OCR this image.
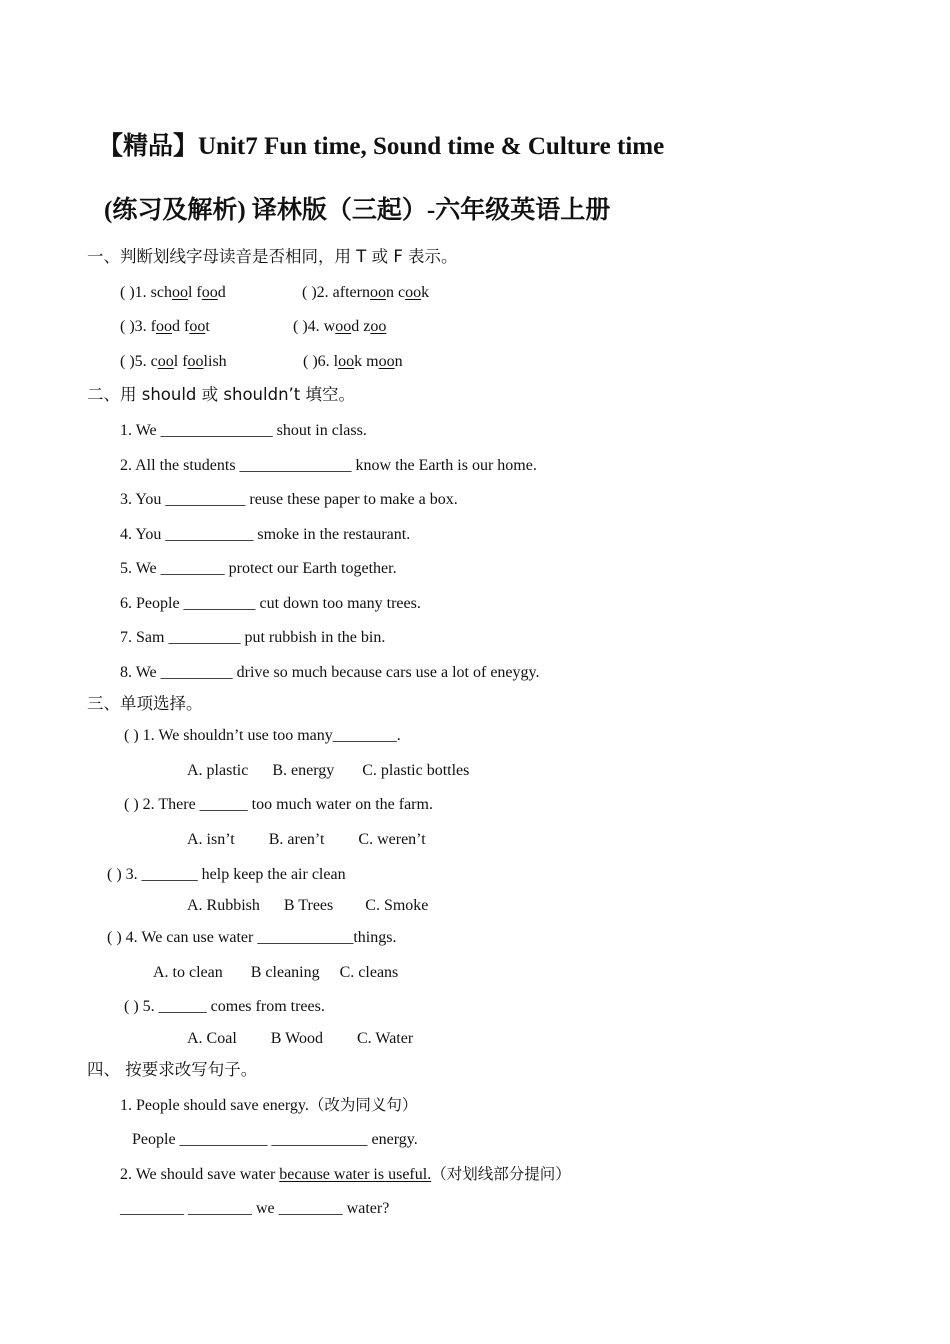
【精品】Unit7 Fun time, Sound time & Culture time
(练习及解析) 译林版（三起）-六年级英语上册
一、判断划线字母读音是否相同，用 T 或 F 表示。
( )1. school food	( )2. afternoon cook
( )3. food foot	( )4. wood zoo
( )5. cool foolish	( )6. look moon
二、用 should 或 shouldn’t 填空。
1. We ______________ shout in class.
2. All the students ______________ know the Earth is our home.
3. You __________ reuse these paper to make a box.
4. You ___________ smoke in the restaurant.
5. We ________ protect our Earth together.
6. People _________ cut down too many trees.
7. Sam _________ put rubbish in the bin.
8. We _________ drive so much because cars use a lot of eneygy.
三、单项选择。
( ) 1. We shouldn’t use too many________.
A. plastic B. energy C. plastic bottles
( ) 2. There ______ too much water on the farm.
A. isn’t B. aren’t C. weren’t
( ) 3. _______ help keep the air clean
A. Rubbish B Trees C. Smoke
( ) 4. We can use water ____________things.
A. to clean B cleaning C. cleans
( ) 5. ______ comes from trees.
A. Coal B Wood C. Water
四、 按要求改写句子。
1. People should save energy.（改为同义句）
People ___________ ____________ energy.
2. We should save water because water is useful.（对划线部分提问）
________ ________ we ________ water?
